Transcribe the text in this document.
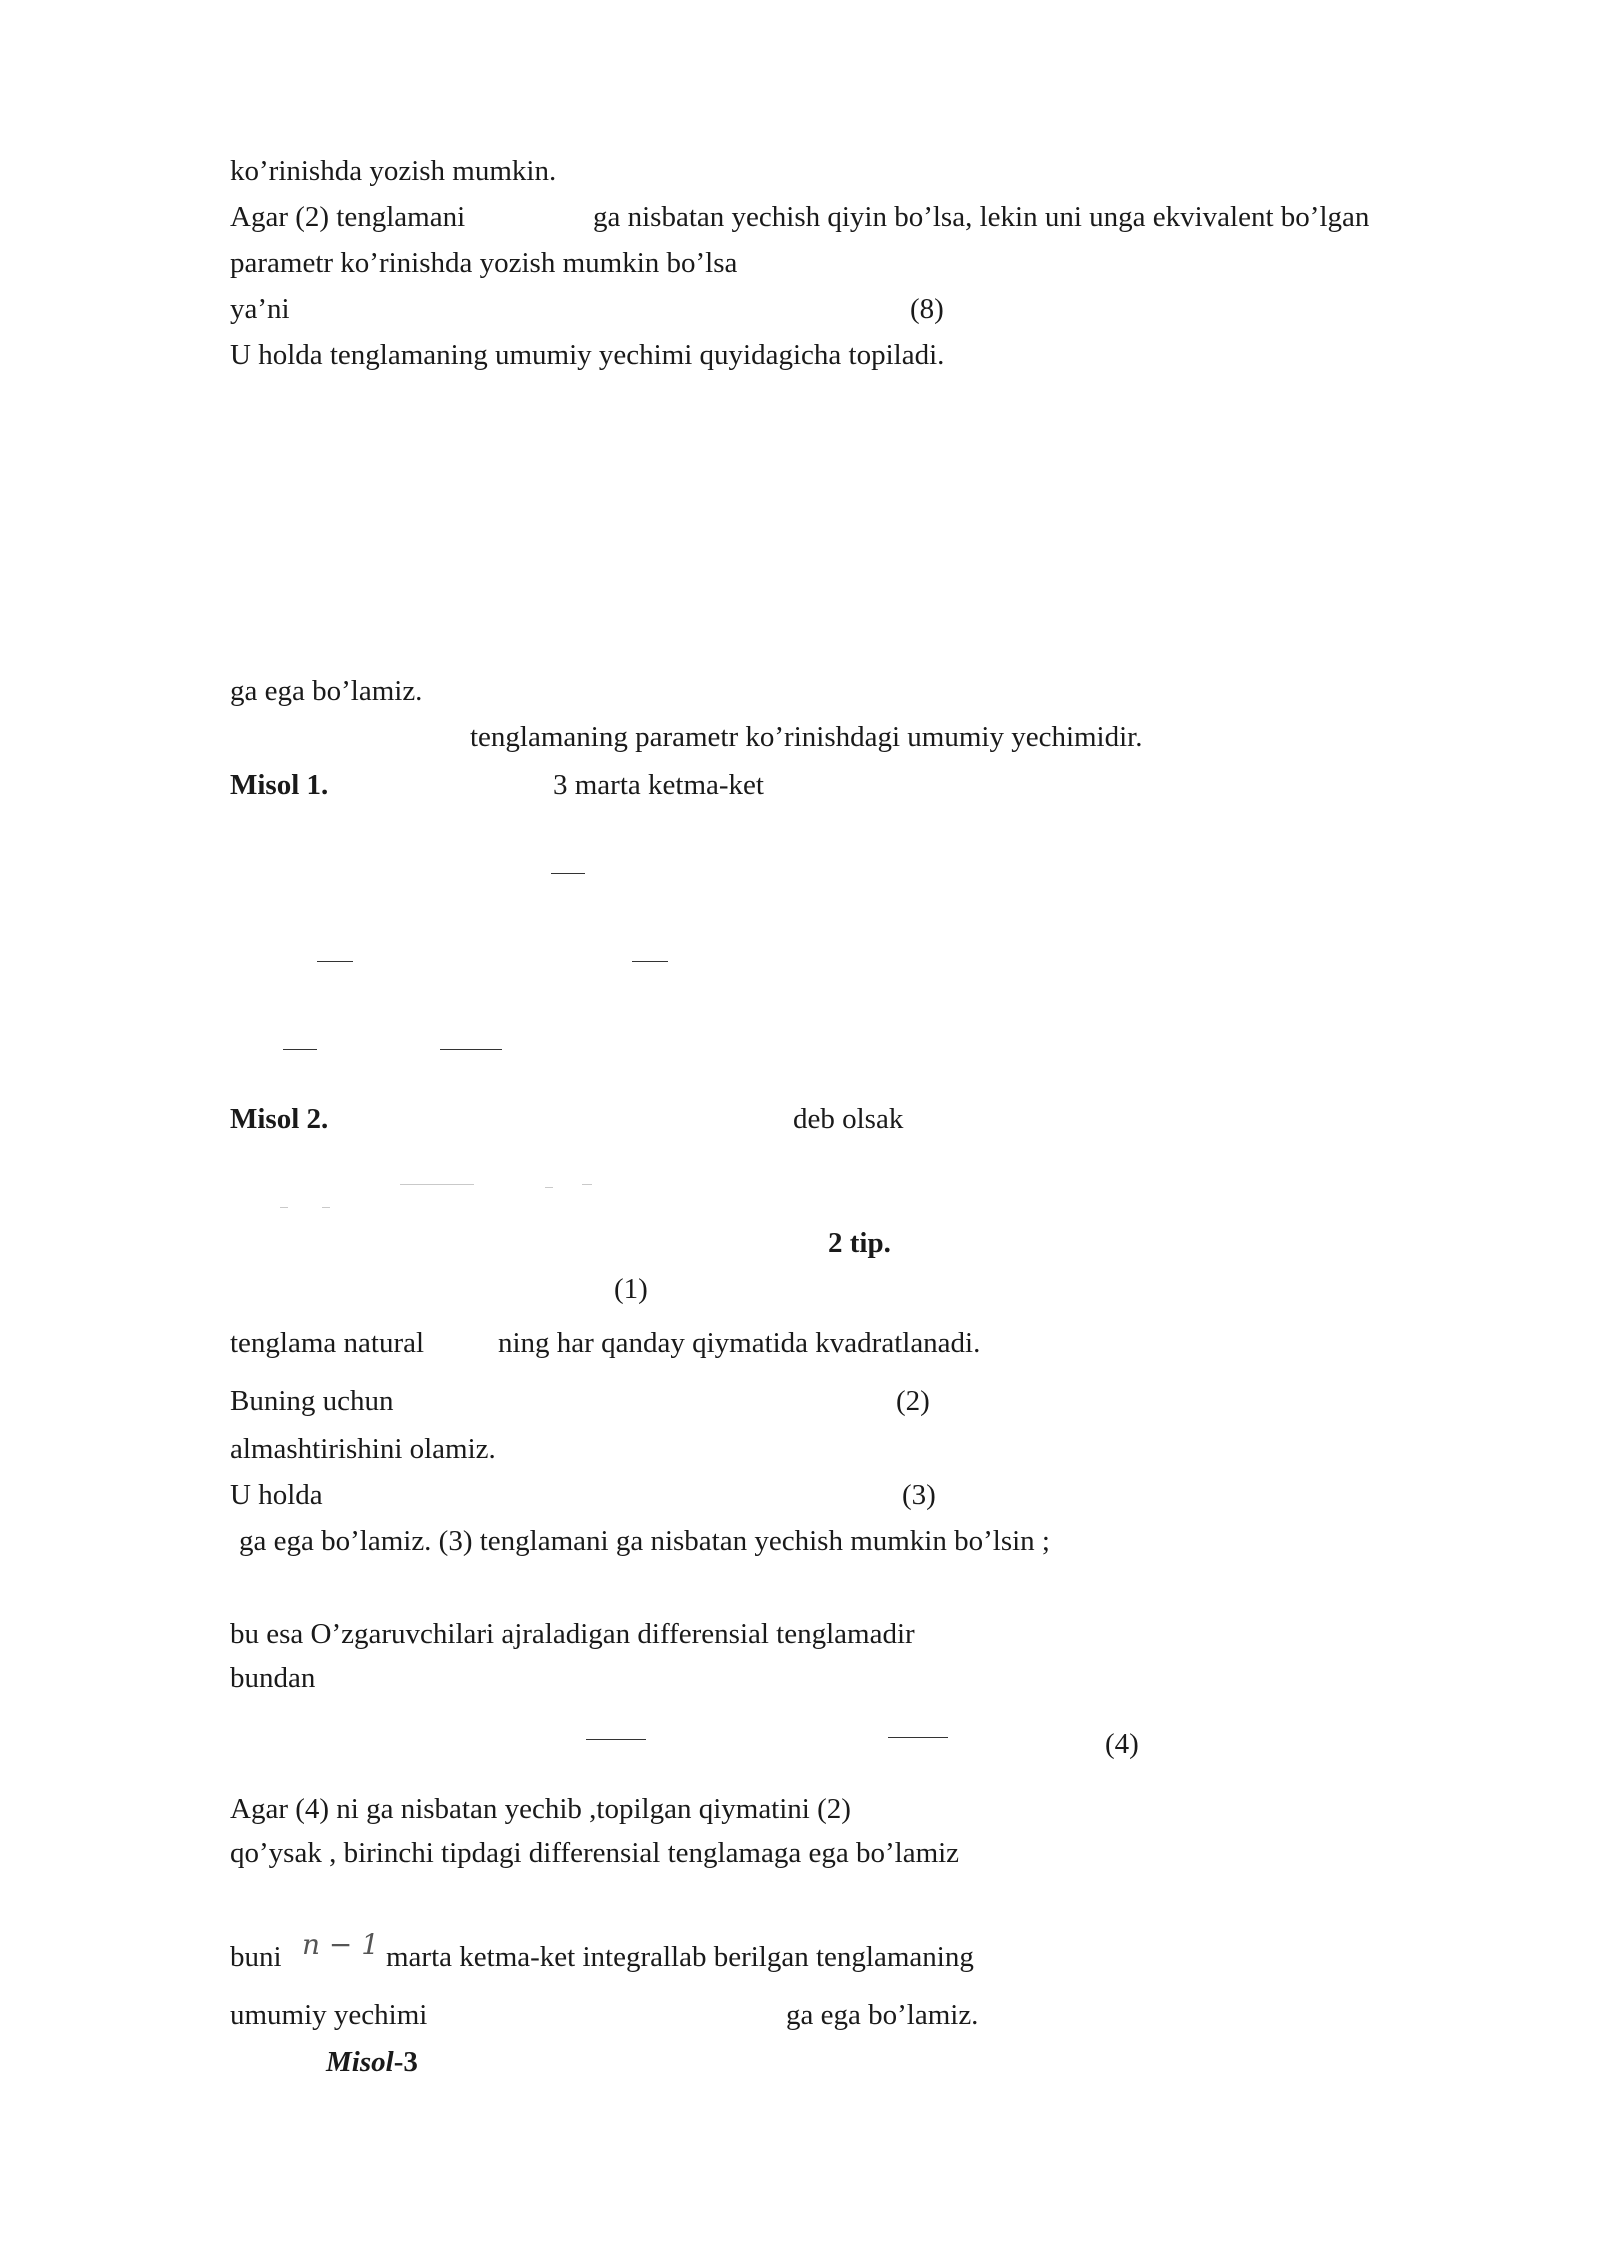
ko’rinishda yozish mumkin.
Agar (2) tenglamani	ga nisbatan yechish qiyin bo’lsa, lekin uni unga ekvivalent bo’lgan
parametr ko’rinishda yozish mumkin bo’lsa
ya’ni	(8)
U holda tenglamaning umumiy yechimi quyidagicha topiladi.
ga ega bo’lamiz.
tenglamaning parametr ko’rinishdagi umumiy yechimidir.
Misol 1.	3 marta ketma-ket
Misol 2.	deb olsak
2 tip.
(1)
tenglama natural	ning har qanday qiymatida kvadratlanadi.
Buning uchun	(2)
almashtirishini olamiz.
U holda	(3)
ga ega bo’lamiz. (3) tenglamani ga nisbatan yechish mumkin bo’lsin ;
bu esa O’zgaruvchilari ajraladigan differensial tenglamadir
bundan
(4)
Agar (4) ni ga nisbatan yechib ,topilgan qiymatini (2)
qo’ysak , birinchi tipdagi differensial tenglamaga ega bo’lamiz
buni n − 1 marta ketma-ket integrallab berilgan tenglamaning
umumiy yechimi	ga ega bo’lamiz.
Misol-3
